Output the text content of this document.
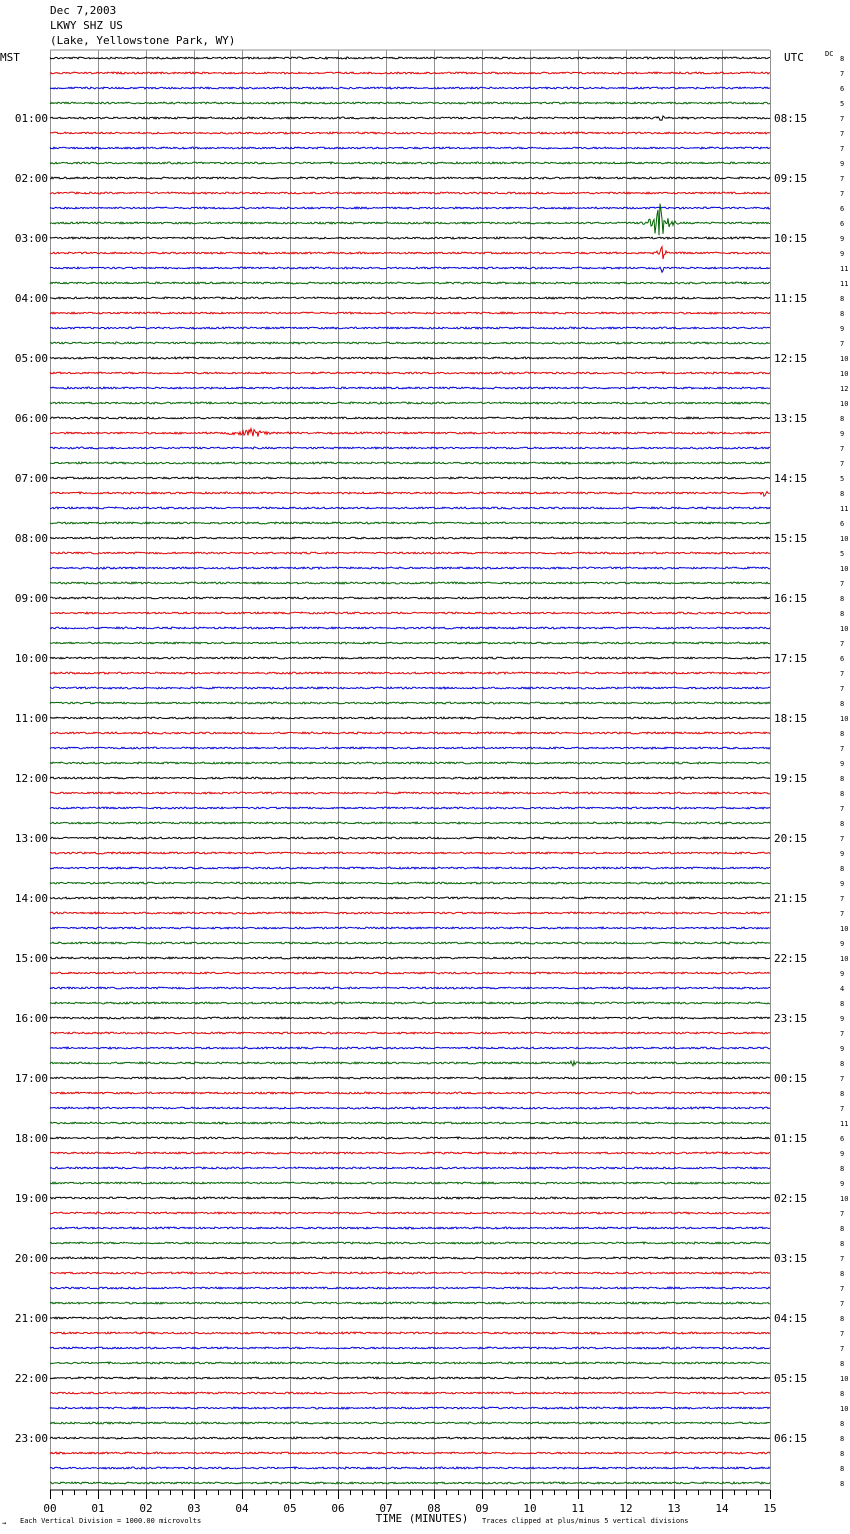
Dec 7,2003
LKWY SHZ US
(Lake, Yellowstone Park, WY)
01:00	08:15
02:00	09:15
03:00	10:15
04:00	11:15
05:00	12:15
06:00	13:15
07:00	14:15
08:00	15:15
09:00	16:15
10:00	17:15
11:00	18:15
12:00	19:15
13:00	20:15
14:00	21:15
15:00	22:15
16:00	23:15
17:00	00:15
18:00	01:15
19:00	02:15
20:00	03:15
21:00	04:15
22:00	05:15
23:00	06:15
8
7
6
5
7
7
7
9
7
7
6
6
9
9
11
11
8
8
9
7
10
10
12
10
8
9
7
7
5
8
11
6
10
5
10
7
8
8
10
7
6
7
7
8
10
8
7
9
8
8
7
8
7
9
8
9
7
7
10
9
10
9
4
8
9
7
9
8
7
8
7
11
6
9
8
9
10
7
8
8
7
8
7
7
8
7
7
8
10
8
10
8
8
8
8
8
00	01	02	03	04	05	06	07	08	09	10	11	12	13	14	15
MST	UTC	DC
TIME (MINUTES)
Each Vertical Division = 1000.00 microvolts	Traces clipped at plus/minus 5 vertical divisions
→
